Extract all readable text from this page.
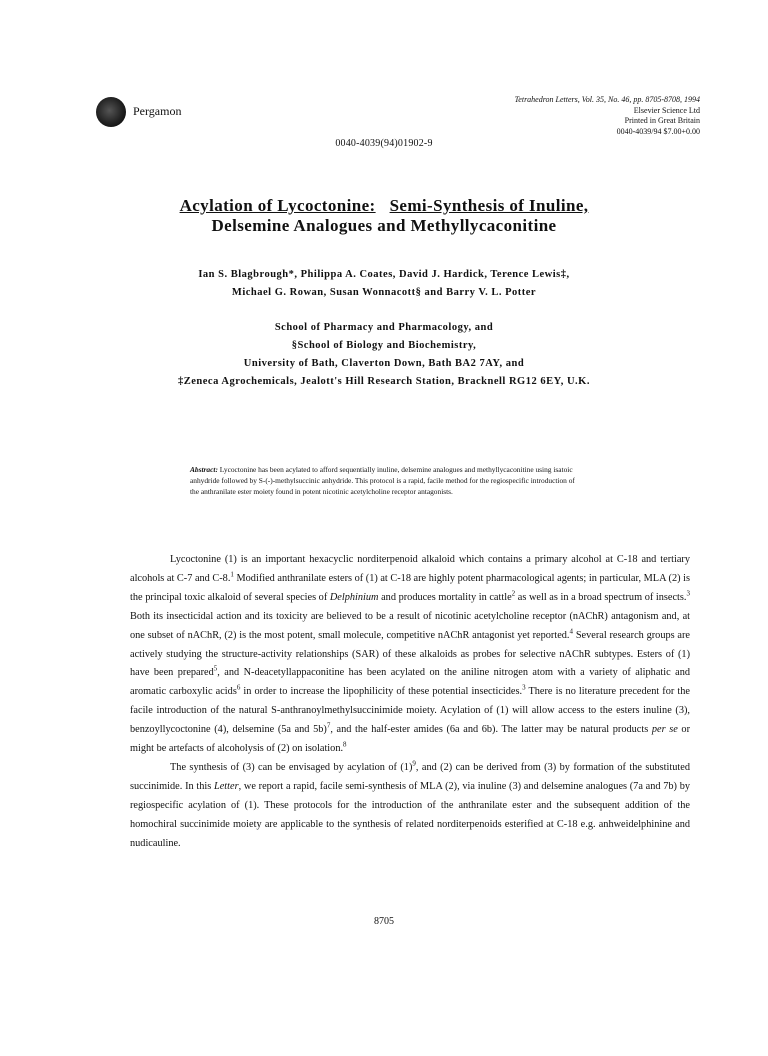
Pergamon
Tetrahedron Letters, Vol. 35, No. 46, pp. 8705-8708, 1994
Elsevier Science Ltd
Printed in Great Britain
0040-4039/94 $7.00+0.00
0040-4039(94)01902-9
Acylation of Lycoctonine: Semi-Synthesis of Inuline,
Delsemine Analogues and Methyllycaconitine
Ian S. Blagbrough*, Philippa A. Coates, David J. Hardick, Terence Lewis‡,
Michael G. Rowan, Susan Wonnacott§ and Barry V. L. Potter
School of Pharmacy and Pharmacology, and
§School of Biology and Biochemistry,
University of Bath, Claverton Down, Bath BA2 7AY, and
‡Zeneca Agrochemicals, Jealott's Hill Research Station, Bracknell RG12 6EY, U.K.
Abstract: Lycoctonine has been acylated to afford sequentially inuline, delsemine analogues and methyllycaconitine using isatoic anhydride followed by S-(-)-methylsuccinic anhydride. This protocol is a rapid, facile method for the regiospecific introduction of the anthranilate ester moiety found in potent nicotinic acetylcholine receptor antagonists.

Lycoctonine (1) is an important hexacyclic norditerpenoid alkaloid which contains a primary alcohol at C-18 and tertiary alcohols at C-7 and C-8.$^1$ Modified anthranilate esters of (1) at C-18 are highly potent pharmacological agents; in particular, MLA (2) is the principal toxic alkaloid of several species of Delphinium and produces mortality in cattle$^2$ as well as in a broad spectrum of insects.$^3$ Both its insecticidal action and its toxicity are believed to be a result of nicotinic acetylcholine receptor (nAChR) antagonism and, at one subset of nAChR, (2) is the most potent, small molecule, competitive nAChR antagonist yet reported.$^4$ Several research groups are actively studying the structure-activity relationships (SAR) of these alkaloids as probes for selective nAChR subtypes. Esters of (1) have been prepared$^5$, and N-deacetyllappaconitine has been acylated on the aniline nitrogen atom with a variety of aliphatic and aromatic carboxylic acids$^6$ in order to increase the lipophilicity of these potential insecticides.$^3$ There is no literature precedent for the facile introduction of the natural S-anthranoylmethylsuccinimide moiety. Acylation of (1) will allow access to the esters inuline (3), benzoyllycoctonine (4), delsemine (5a and 5b)$^7$, and the half-ester amides (6a and 6b). The latter may be natural products per se or might be artefacts of alcoholysis of (2) on isolation.$^8$

The synthesis of (3) can be envisaged by acylation of $(1)^9$, and (2) can be derived from (3) by formation of the substituted succinimide. In this Letter, we report a rapid, facile semi-synthesis of MLA (2), via inuline (3) and delsemine analogues (7a and 7b) by regiospecific acylation of (1). These protocols for the introduction of the anthranilate ester and the subsequent addition of the homochiral succinimide moiety are applicable to the synthesis of related norditerpenoids esterified at C-18 e.g. anhweidelphinine and nudicauline.

8705
